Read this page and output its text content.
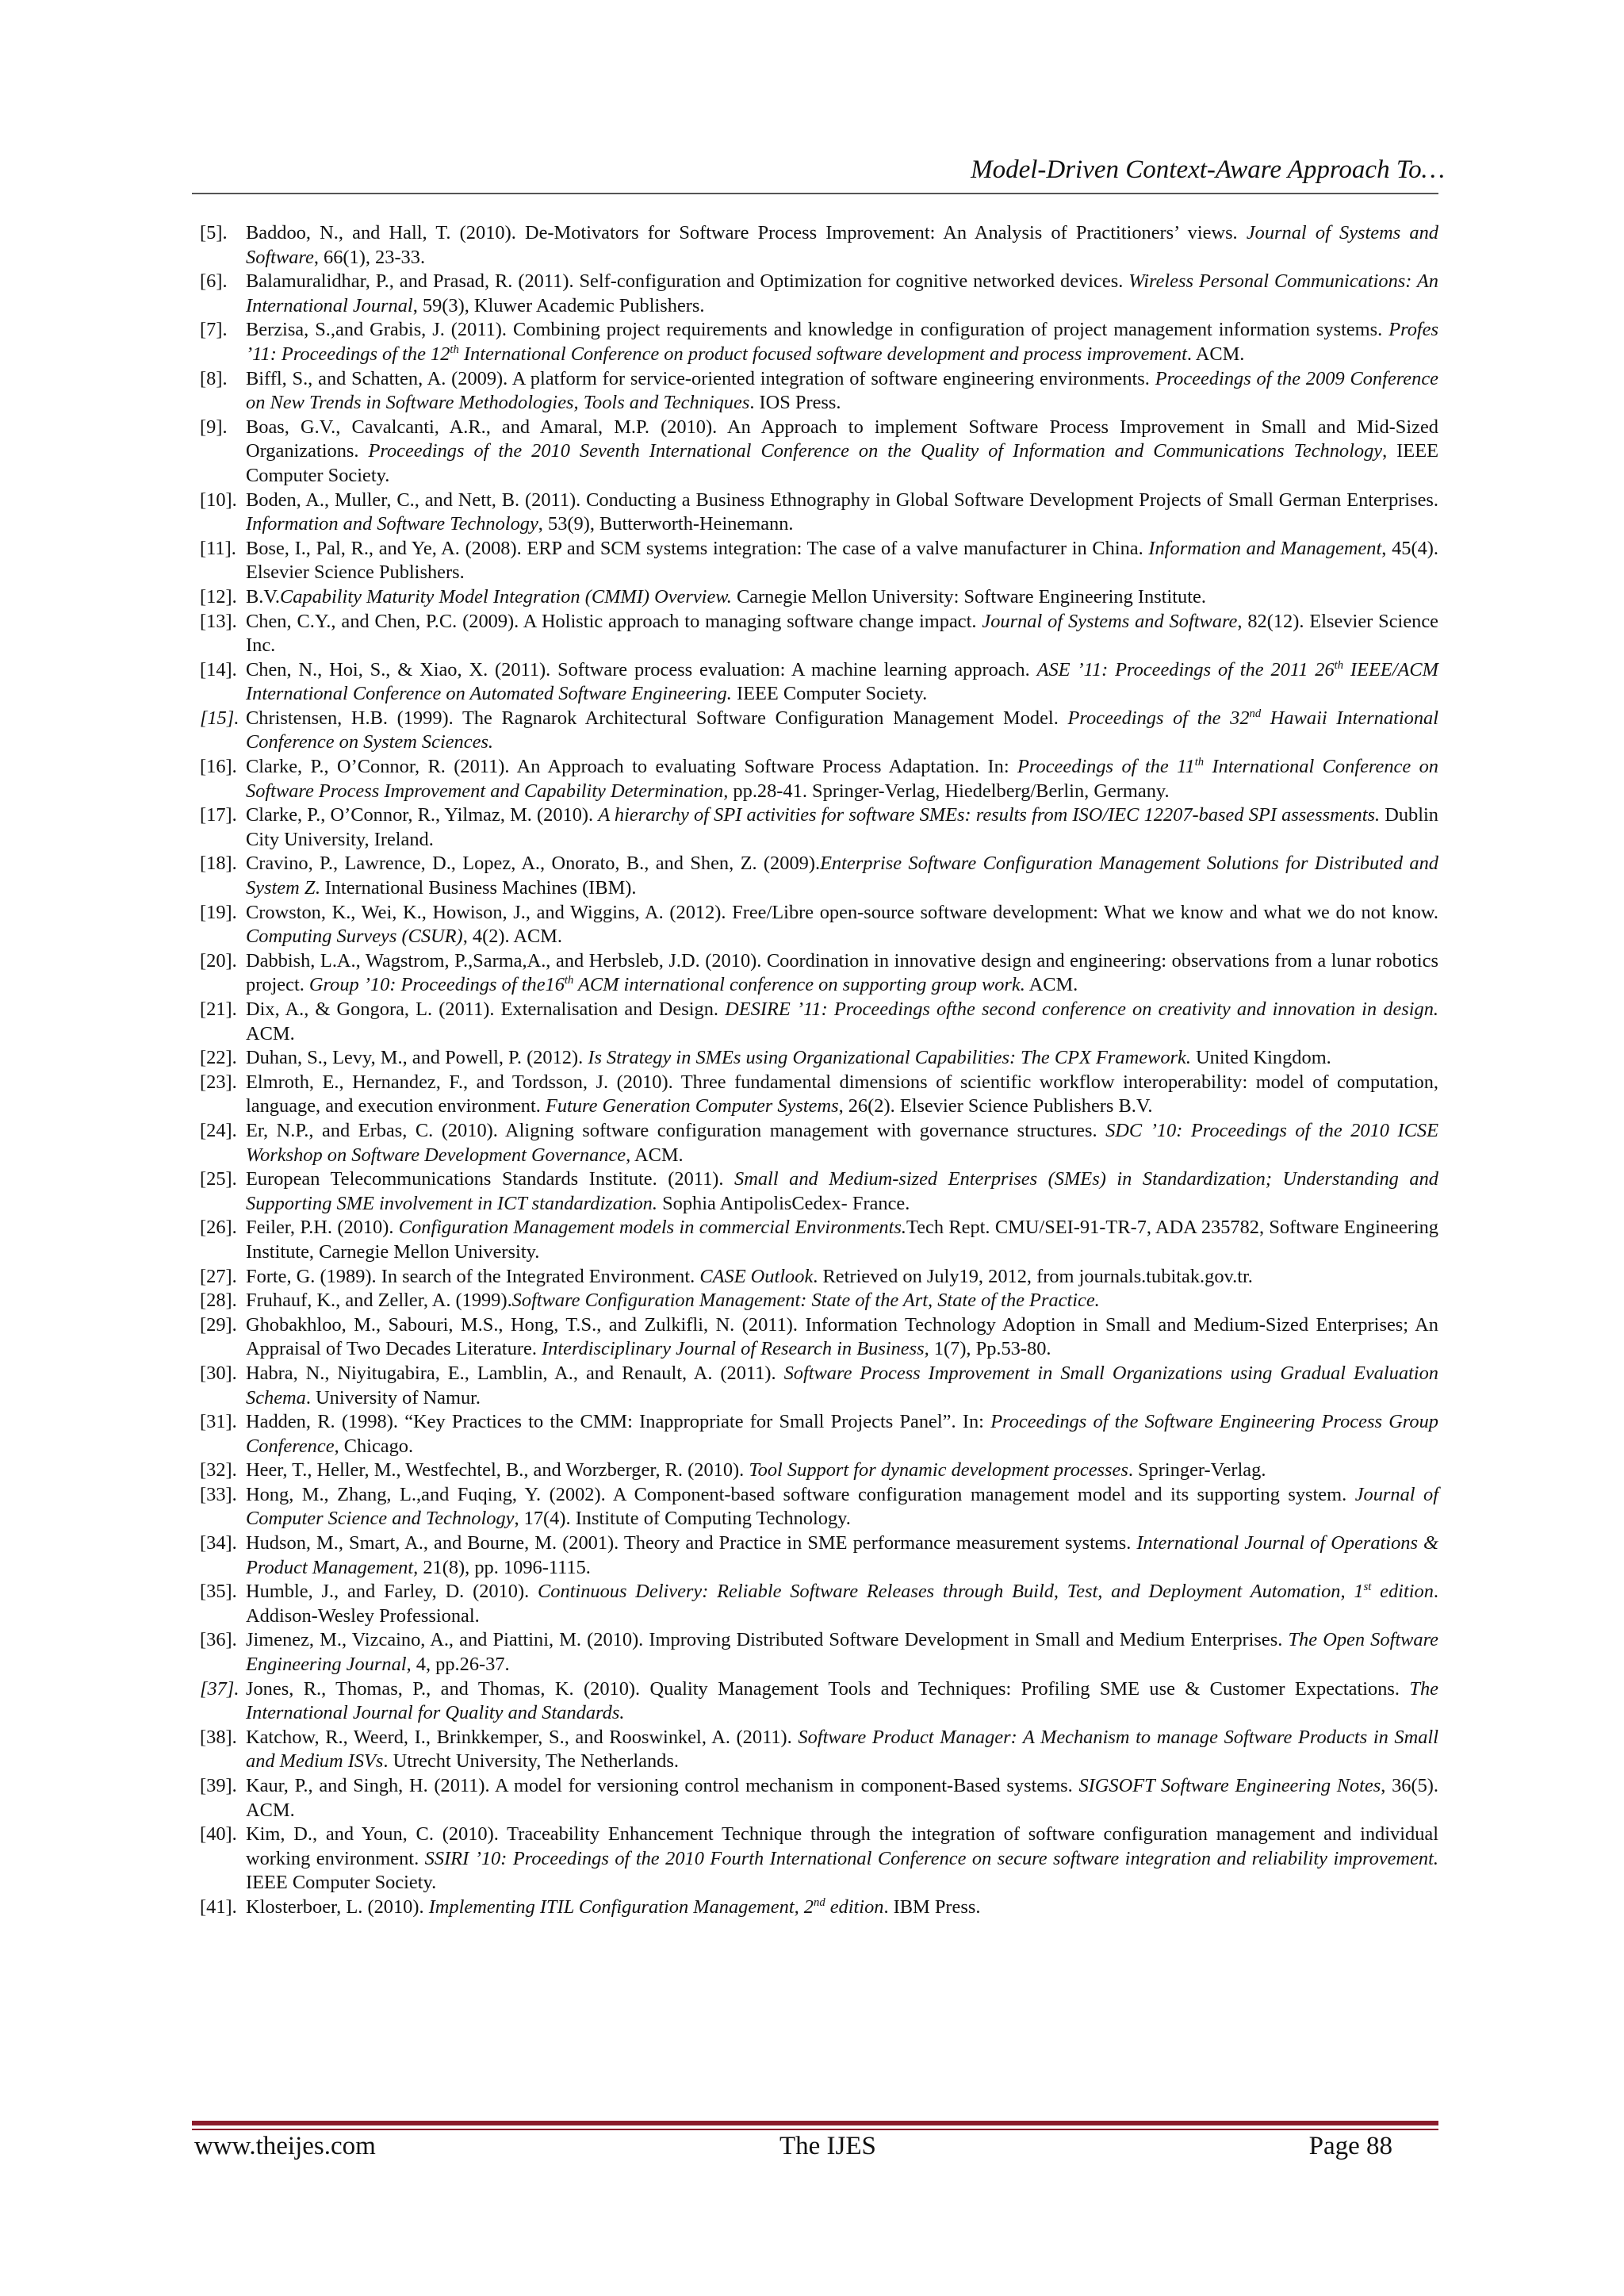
Model-Driven Context-Aware Approach To…
[5]. Baddoo, N., and Hall, T. (2010). De-Motivators for Software Process Improvement: An Analysis of Practitioners’ views. Journal of Systems and Software, 66(1), 23-33.
[6]. Balamuralidhar, P., and Prasad, R. (2011). Self-configuration and Optimization for cognitive networked devices. Wireless Personal Communications: An International Journal, 59(3), Kluwer Academic Publishers.
[7]. Berzisa, S.,and Grabis, J. (2011). Combining project requirements and knowledge in configuration of project management information systems. Profes ’11: Proceedings of the 12th International Conference on product focused software development and process improvement. ACM.
[8]. Biffl, S., and Schatten, A. (2009). A platform for service-oriented integration of software engineering environments. Proceedings of the 2009 Conference on New Trends in Software Methodologies, Tools and Techniques. IOS Press.
[9]. Boas, G.V., Cavalcanti, A.R., and Amaral, M.P. (2010). An Approach to implement Software Process Improvement in Small and Mid-Sized Organizations. Proceedings of the 2010 Seventh International Conference on the Quality of Information and Communications Technology, IEEE Computer Society.
[10]. Boden, A., Muller, C., and Nett, B. (2011). Conducting a Business Ethnography in Global Software Development Projects of Small German Enterprises. Information and Software Technology, 53(9), Butterworth-Heinemann.
[11]. Bose, I., Pal, R., and Ye, A. (2008). ERP and SCM systems integration: The case of a valve manufacturer in China. Information and Management, 45(4). Elsevier Science Publishers.
[12]. B.V.Capability Maturity Model Integration (CMMI) Overview. Carnegie Mellon University: Software Engineering Institute.
[13]. Chen, C.Y., and Chen, P.C. (2009). A Holistic approach to managing software change impact. Journal of Systems and Software, 82(12). Elsevier Science Inc.
[14]. Chen, N., Hoi, S., & Xiao, X. (2011). Software process evaluation: A machine learning approach. ASE ’11: Proceedings of the 2011 26th IEEE/ACM International Conference on Automated Software Engineering. IEEE Computer Society.
[15]. Christensen, H.B. (1999). The Ragnarok Architectural Software Configuration Management Model. Proceedings of the 32nd Hawaii International Conference on System Sciences.
[16]. Clarke, P., O’Connor, R. (2011). An Approach to evaluating Software Process Adaptation. In: Proceedings of the 11th International Conference on Software Process Improvement and Capability Determination, pp.28-41. Springer-Verlag, Hiedelberg/Berlin, Germany.
[17]. Clarke, P., O’Connor, R., Yilmaz, M. (2010). A hierarchy of SPI activities for software SMEs: results from ISO/IEC 12207-based SPI assessments. Dublin City University, Ireland.
[18]. Cravino, P., Lawrence, D., Lopez, A., Onorato, B., and Shen, Z. (2009).Enterprise Software Configuration Management Solutions for Distributed and System Z. International Business Machines (IBM).
[19]. Crowston, K., Wei, K., Howison, J., and Wiggins, A. (2012). Free/Libre open-source software development: What we know and what we do not know. Computing Surveys (CSUR), 4(2). ACM.
[20]. Dabbish, L.A., Wagstrom, P.,Sarma,A., and Herbsleb, J.D. (2010). Coordination in innovative design and engineering: observations from a lunar robotics project. Group ’10: Proceedings of the16th ACM international conference on supporting group work. ACM.
[21]. Dix, A., & Gongora, L. (2011). Externalisation and Design. DESIRE ’11: Proceedings ofthe second conference on creativity and innovation in design. ACM.
[22]. Duhan, S., Levy, M., and Powell, P. (2012). Is Strategy in SMEs using Organizational Capabilities: The CPX Framework. United Kingdom.
[23]. Elmroth, E., Hernandez, F., and Tordsson, J. (2010). Three fundamental dimensions of scientific workflow interoperability: model of computation, language, and execution environment. Future Generation Computer Systems, 26(2). Elsevier Science Publishers B.V.
[24]. Er, N.P., and Erbas, C. (2010). Aligning software configuration management with governance structures. SDC ’10: Proceedings of the 2010 ICSE Workshop on Software Development Governance, ACM.
[25]. European Telecommunications Standards Institute. (2011). Small and Medium-sized Enterprises (SMEs) in Standardization; Understanding and Supporting SME involvement in ICT standardization. Sophia AntipolisCedex- France.
[26]. Feiler, P.H. (2010). Configuration Management models in commercial Environments.Tech Rept. CMU/SEI-91-TR-7, ADA 235782, Software Engineering Institute, Carnegie Mellon University.
[27]. Forte, G. (1989). In search of the Integrated Environment. CASE Outlook. Retrieved on July19, 2012, from journals.tubitak.gov.tr.
[28]. Fruhauf, K., and Zeller, A. (1999).Software Configuration Management: State of the Art, State of the Practice.
[29]. Ghobakhloo, M., Sabouri, M.S., Hong, T.S., and Zulkifli, N. (2011). Information Technology Adoption in Small and Medium-Sized Enterprises; An Appraisal of Two Decades Literature. Interdisciplinary Journal of Research in Business, 1(7), Pp.53-80.
[30]. Habra, N., Niyitugabira, E., Lamblin, A., and Renault, A. (2011). Software Process Improvement in Small Organizations using Gradual Evaluation Schema. University of Namur.
[31]. Hadden, R. (1998). “Key Practices to the CMM: Inappropriate for Small Projects Panel”. In: Proceedings of the Software Engineering Process Group Conference, Chicago.
[32]. Heer, T., Heller, M., Westfechtel, B., and Worzberger, R. (2010). Tool Support for dynamic development processes. Springer-Verlag.
[33]. Hong, M., Zhang, L.,and Fuqing, Y. (2002). A Component-based software configuration management model and its supporting system. Journal of Computer Science and Technology, 17(4). Institute of Computing Technology.
[34]. Hudson, M., Smart, A., and Bourne, M. (2001). Theory and Practice in SME performance measurement systems. International Journal of Operations & Product Management, 21(8), pp. 1096-1115.
[35]. Humble, J., and Farley, D. (2010). Continuous Delivery: Reliable Software Releases through Build, Test, and Deployment Automation, 1st edition. Addison-Wesley Professional.
[36]. Jimenez, M., Vizcaino, A., and Piattini, M. (2010). Improving Distributed Software Development in Small and Medium Enterprises. The Open Software Engineering Journal, 4, pp.26-37.
[37]. Jones, R., Thomas, P., and Thomas, K. (2010). Quality Management Tools and Techniques: Profiling SME use & Customer Expectations. The International Journal for Quality and Standards.
[38]. Katchow, R., Weerd, I., Brinkkemper, S., and Rooswinkel, A. (2011). Software Product Manager: A Mechanism to manage Software Products in Small and Medium ISVs. Utrecht University, The Netherlands.
[39]. Kaur, P., and Singh, H. (2011). A model for versioning control mechanism in component-Based systems. SIGSOFT Software Engineering Notes, 36(5). ACM.
[40]. Kim, D., and Youn, C. (2010). Traceability Enhancement Technique through the integration of software configuration management and individual working environment. SSIRI ’10: Proceedings of the 2010 Fourth International Conference on secure software integration and reliability improvement. IEEE Computer Society.
[41]. Klosterboer, L. (2010). Implementing ITIL Configuration Management, 2nd edition. IBM Press.
www.theijes.com	The IJES	Page 88
